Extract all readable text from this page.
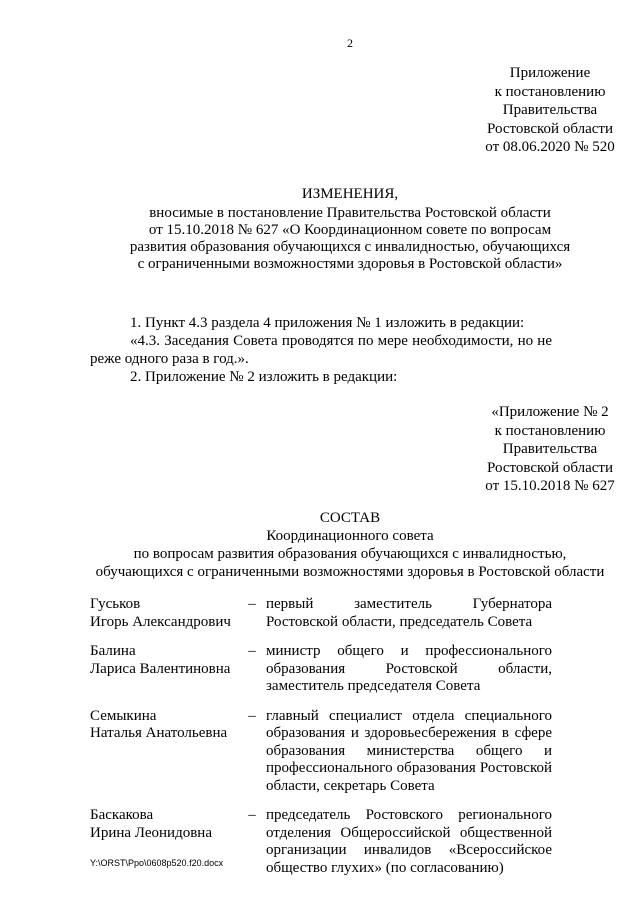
2
Приложение
к постановлению
Правительства
Ростовской области
от 08.06.2020 № 520
ИЗМЕНЕНИЯ,
вносимые в постановление Правительства Ростовской области
от 15.10.2018 № 627 «О Координационном совете по вопросам
развития образования обучающихся с инвалидностью, обучающихся
с ограниченными возможностями здоровья в Ростовской области»
1. Пункт 4.3 раздела 4 приложения № 1 изложить в редакции:
«4.3. Заседания Совета проводятся по мере необходимости, но не реже одного раза в год.».
2. Приложение № 2 изложить в редакции:
«Приложение № 2
к постановлению
Правительства
Ростовской области
от 15.10.2018 № 627
СОСТАВ
Координационного совета
по вопросам развития образования обучающихся с инвалидностью,
обучающихся с ограниченными возможностями здоровья в Ростовской области
Гуськов
Игорь Александрович
– первый заместитель Губернатора Ростовской области, председатель Совета
Балина
Лариса Валентиновна
– министр общего и профессионального образования Ростовской области, заместитель председателя Совета
Семыкина
Наталья Анатольевна
– главный специалист отдела специального образования и здоровьесбережения в сфере образования министерства общего и профессионального образования Ростовской области, секретарь Совета
Баскакова
Ирина Леонидовна
– председатель Ростовского регионального отделения Общероссийской общественной организации инвалидов «Всероссийское общество глухих» (по согласованию)
Y:\ORST\Ppo\0608p520.f20.docx
